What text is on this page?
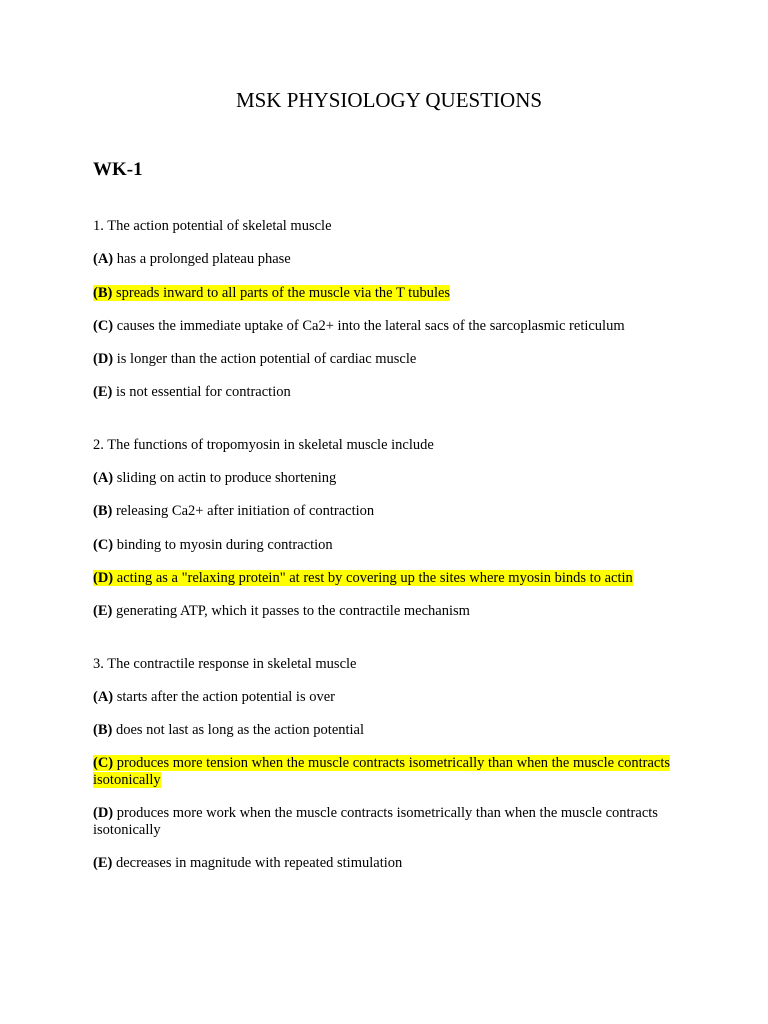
MSK PHYSIOLOGY QUESTIONS
WK-1

1. The action potential of skeletal muscle

(A) has a prolonged plateau phase

(B) spreads inward to all parts of the muscle via the T tubules

(C) causes the immediate uptake of Ca2+ into the lateral sacs of the sarcoplasmic reticulum

(D) is longer than the action potential of cardiac muscle

(E) is not essential for contraction

2. The functions of tropomyosin in skeletal muscle include

(A) sliding on actin to produce shortening

(B) releasing Ca2+ after initiation of contraction

(C) binding to myosin during contraction

(D) acting as a "relaxing protein" at rest by covering up the sites where myosin binds to actin

(E) generating ATP, which it passes to the contractile mechanism

3. The contractile response in skeletal muscle

(A) starts after the action potential is over

(B) does not last as long as the action potential

(C) produces more tension when the muscle contracts isometrically than when the muscle contracts isotonically

(D) produces more work when the muscle contracts isometrically than when the muscle contracts isotonically

(E) decreases in magnitude with repeated stimulation
